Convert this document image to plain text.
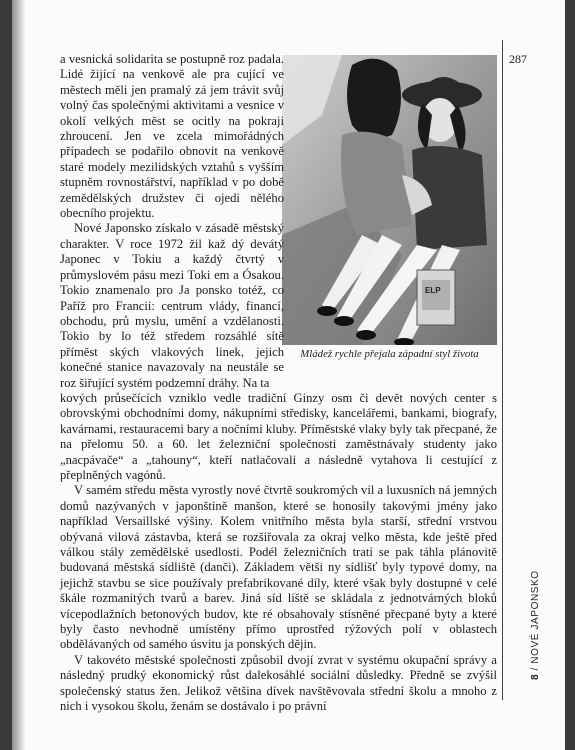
ELP
Mládež rychle přejala západní styl života
287
8 / NOVÉ JAPONSKO

a vesnická solidarita se postupně roz padala. Lidé žijící na venkově ale pra cující ve městech měli jen pramalý zá jem trávit svůj volný čas společnými aktivitami a vesnice v okolí velkých měst se ocitly na pokraji zhroucení. Jen ve zcela mimořádných případech se podařilo obnovit na venkově staré modely mezilidských vztahů s vyšším stupněm rovnostářství, například v po době zemědělských družstev či ojedi nělého obecního projektu.

Nové Japonsko získalo v zásadě městský charakter. V roce 1972 žil kaž dý devátý Japonec v Tokiu a každý čtvrtý v průmyslovém pásu mezi Toki em a Ósakou. Tokio znamenalo pro Ja ponsko totéž, co Paříž pro Francii: centrum vlády, financí, obchodu, prů myslu, umění a vzdělanosti. Tokio by lo též středem rozsáhlé sítě příměst ských vlakových linek, jejich konečné stanice navazovaly na neustále se roz šiřující systém podzemní dráhy. Na ta

kových průsečících vzniklo vedle tradiční Ginzy osm či devět nových center s obrovskými obchodními domy, nákupními středisky, kancelářemi, bankami, biografy, kavárnami, restauracemi bary a nočními kluby. Příměstské vlaky byly tak přecpané, že na přelomu 50. a 60. let železniční společnosti zaměstnávaly studenty jako „nacpávače“ a „tahouny“, kteří natlačovali a následně vytahova li cestující z přeplněných vagónů.

V samém středu města vyrostly nové čtvrtě soukromých vil a luxusních ná jemných domů nazývaných v japonštině manšon, které se honosily takovými jmény jako například Versaillské výšiny. Kolem vnitřního města byla starší, střední vrstvou obývaná vilová zástavba, která se rozšiřovala za okraj velko města, kde ještě před válkou stály zemědělské usedlosti. Podél železničních tratí se pak táhla plánovitě budovaná městská sídliště (danči). Základem větši ny sídlišť byly typové domy, na jejichž stavbu se sice používaly prefabrikované díly, které však byly dostupné v celé škále rozmanitých tvarů a barev. Jiná síd liště se skládala z jednotvárných bloků vícepodlažních betonových budov, kte ré obsahovaly stísněné přecpané byty a které byly často nevhodně umístěny přímo uprostřed rýžových polí v oblastech obdělávaných od samého úsvitu ja ponských dějin.

V takovéto městské společnosti způsobil dvojí zvrat v systému okupační správy a následný prudký ekonomický růst dalekosáhlé sociální důsledky. Předně se zvýšil společenský status žen. Jelikož většina dívek navštěvovala střední školu a mnoho z nich i vysokou školu, ženám se dostávalo i po právní
